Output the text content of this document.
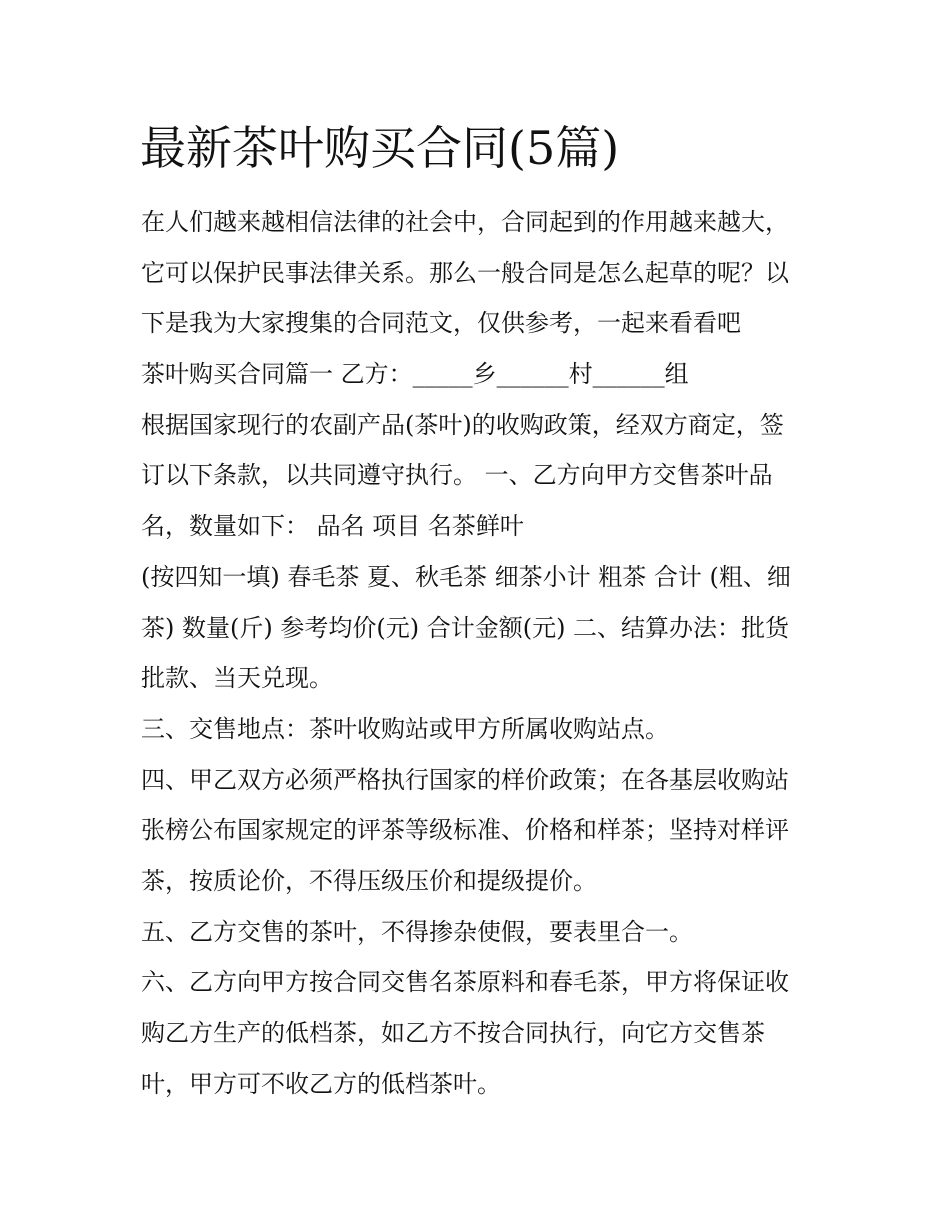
最新茶叶购买合同(5篇)
在人们越来越相信法律的社会中，合同起到的作用越来越大，
它可以保护民事法律关系。那么一般合同是怎么起草的呢？以
下是我为大家搜集的合同范文，仅供参考，一起来看看吧
茶叶购买合同篇一 乙方：_____乡______村______组
根据国家现行的农副产品(茶叶)的收购政策，经双方商定，签
订以下条款，以共同遵守执行。 一、乙方向甲方交售茶叶品
名，数量如下： 品名 项目 名茶鲜叶
(按四知一填) 春毛茶 夏、秋毛茶 细茶小计 粗茶 合计 (粗、细
茶) 数量(斤) 参考均价(元) 合计金额(元) 二、结算办法：批货
批款、当天兑现。
三、交售地点：茶叶收购站或甲方所属收购站点。
四、甲乙双方必须严格执行国家的样价政策；在各基层收购站
张榜公布国家规定的评茶等级标准、价格和样茶；坚持对样评
茶，按质论价，不得压级压价和提级提价。
五、乙方交售的茶叶，不得掺杂使假，要表里合一。
六、乙方向甲方按合同交售名茶原料和春毛茶，甲方将保证收
购乙方生产的低档茶，如乙方不按合同执行，向它方交售茶
叶，甲方可不收乙方的低档茶叶。
